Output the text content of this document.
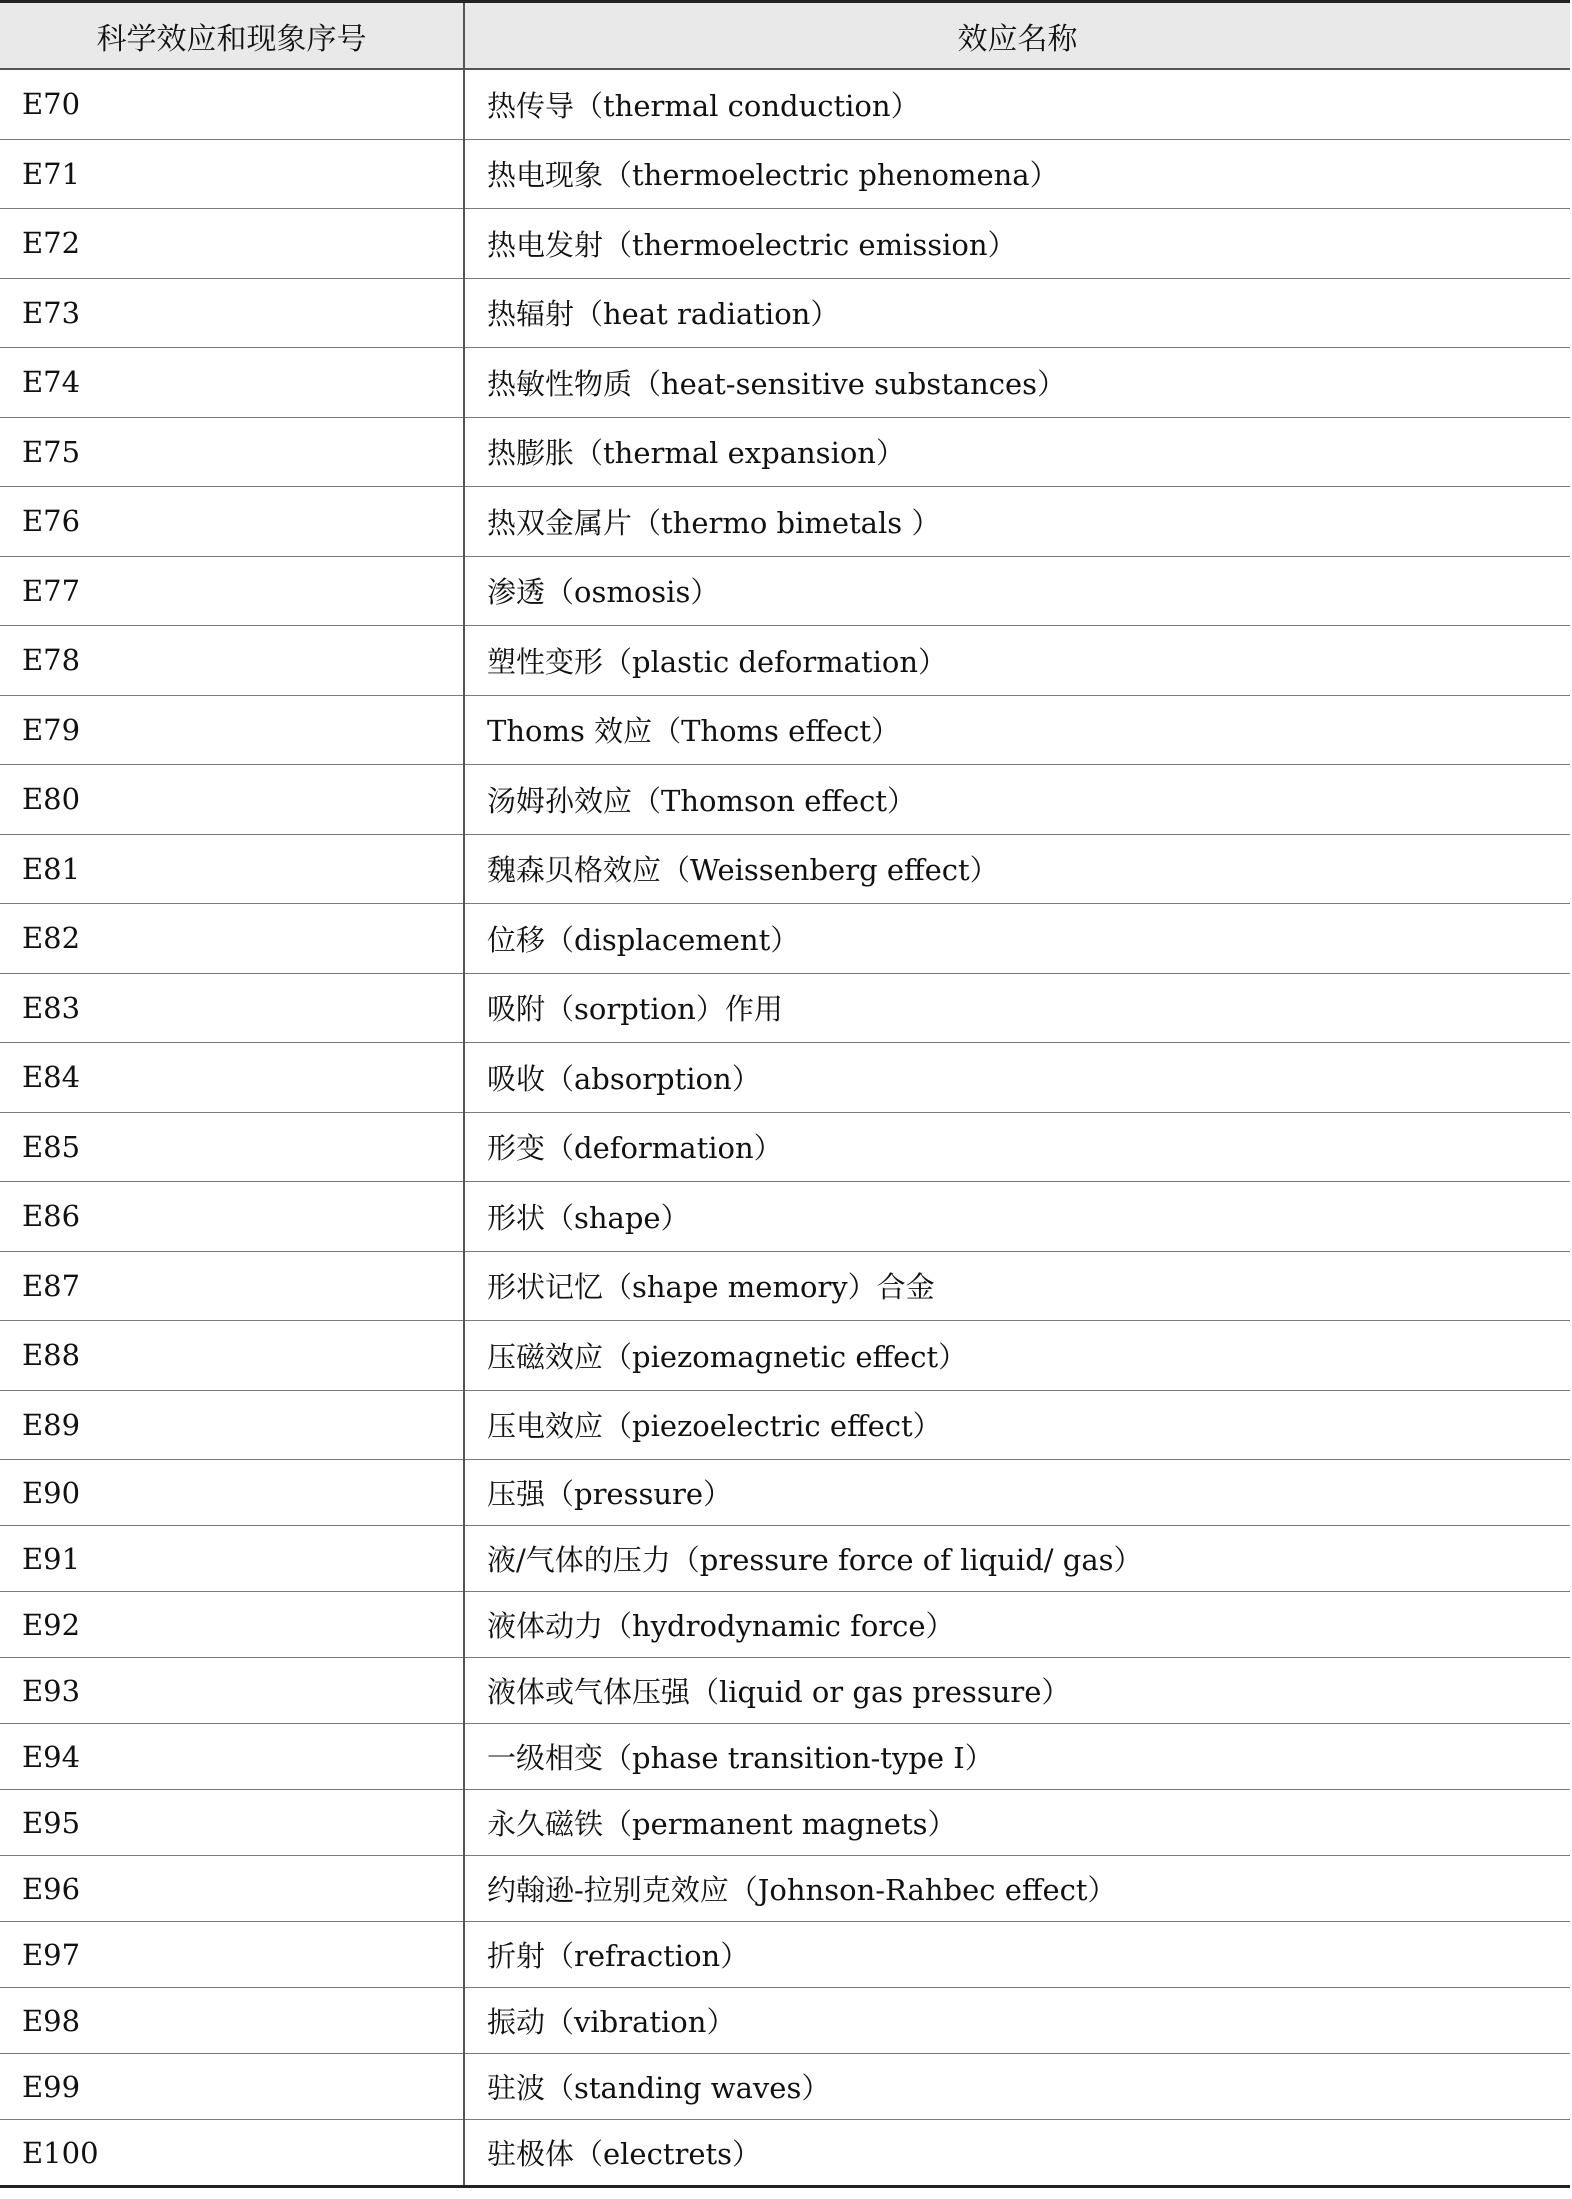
科学效应和现象序号	效应名称
E70	热传导（thermal conduction）
E71	热电现象（thermoelectric phenomena）
E72	热电发射（thermoelectric emission）
E73	热辐射（heat radiation）
E74	热敏性物质（heat-sensitive substances）
E75	热膨胀（thermal expansion）
E76	热双金属片（thermo bimetals ）
E77	渗透（osmosis）
E78	塑性变形（plastic deformation）
E79	Thoms 效应（Thoms effect）
E80	汤姆孙效应（Thomson effect）
E81	魏森贝格效应（Weissenberg effect）
E82	位移（displacement）
E83	吸附（sorption）作用
E84	吸收（absorption）
E85	形变（deformation）
E86	形状（shape）
E87	形状记忆（shape memory）合金
E88	压磁效应（piezomagnetic effect）
E89	压电效应（piezoelectric effect）
E90	压强（pressure）
E91	液/气体的压力（pressure force of liquid/ gas）
E92	液体动力（hydrodynamic force）
E93	液体或气体压强（liquid or gas pressure）
E94	一级相变（phase transition-type Ⅰ）
E95	永久磁铁（permanent magnets）
E96	约翰逊-拉别克效应（Johnson-Rahbec effect）
E97	折射（refraction）
E98	振动（vibration）
E99	驻波（standing waves）
E100	驻极体（electrets）
